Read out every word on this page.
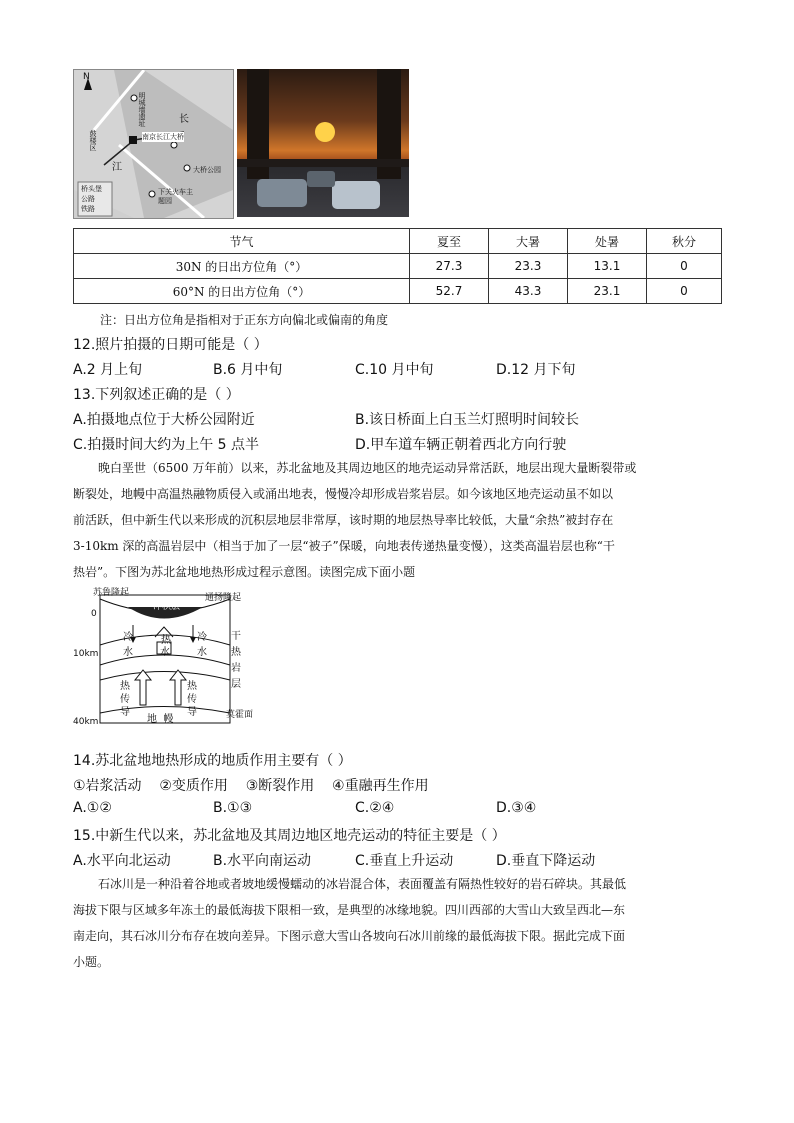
N
明城墙遗址
南京长江大桥
长
江
鼓楼区
大桥公园
下关火车主题园
桥头堡
公路
铁路
节气	夏至	大暑	处暑	秋分
30N 的日出方位角（°）	27.3	23.3	13.1	0
60°N 的日出方位角（°）	52.7	43.3	23.1	0
注：日出方位角是指相对于正东方向偏北或偏南的角度
12.照片拍摄的日期可能是（ ）
A.2 月上旬	B.6 月中旬	C.10 月中旬	D.12 月下旬
13.下列叙述正确的是（ ）
A.拍摄地点位于大桥公园附近	B.该日桥面上白玉兰灯照明时间较长
C.拍摄时间大约为上午 5 点半	D.甲车道车辆正朝着西北方向行驶
晚白垩世（6500 万年前）以来，苏北盆地及其周边地区的地壳运动异常活跃，地层出现大量断裂带或
断裂处，地幔中高温热融物质侵入或涌出地表，慢慢冷却形成岩浆岩层。如今该地区地壳运动虽不如以
前活跃，但中新生代以来形成的沉积层地层非常厚，该时期的地层热导率比较低，大量“余热”被封存在
3-10km 深的高温岩层中（相当于加了一层“被子”保暖，向地表传递热量变慢），这类高温岩层也称“干
热岩”。下图为苏北盆地地热形成过程示意图。读图完成下面小题
苏鲁隆起	通扬隆起
冲积层
0
10km
40km
冷
水
冷
水
热
水
干
热
岩
层
热
传
导
热
传
导
地  幔	莫霍面
14.苏北盆地地热形成的地质作用主要有（ ）
①岩浆活动    ②变质作用    ③断裂作用    ④重融再生作用
A.①②	B.①③	C.②④	D.③④
15.中新生代以来，苏北盆地及其周边地区地壳运动的特征主要是（ ）
A.水平向北运动	B.水平向南运动	C.垂直上升运动	D.垂直下降运动
石冰川是一种沿着谷地或者坡地缓慢蠕动的冰岩混合体，表面覆盖有隔热性较好的岩石碎块。其最低
海拔下限与区域多年冻土的最低海拔下限相一致，是典型的冰缘地貌。四川西部的大雪山大致呈西北—东
南走向，其石冰川分布存在坡向差异。下图示意大雪山各坡向石冰川前缘的最低海拔下限。据此完成下面
小题。
